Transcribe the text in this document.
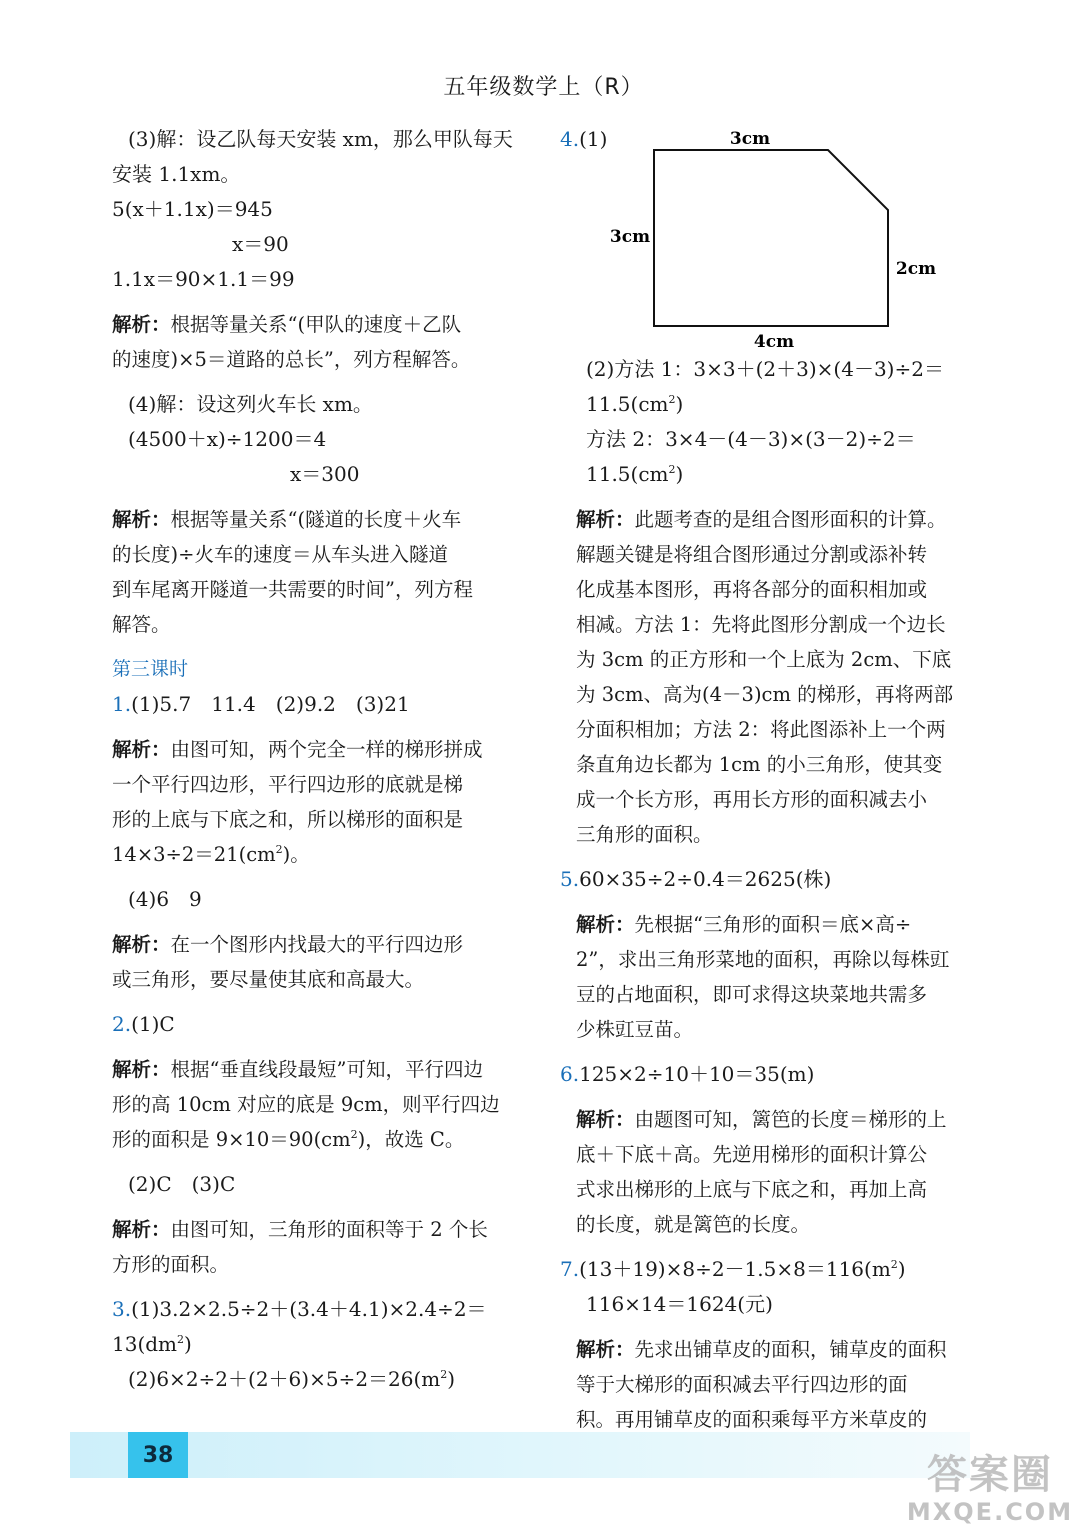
五年级数学上（R）
(3)解：设乙队每天安装 xm，那么甲队每天
安装 1.1xm。
5(x＋1.1x)＝945
x＝90
1.1x＝90×1.1＝99
解析：根据等量关系“(甲队的速度＋乙队
的速度)×5＝道路的总长”，列方程解答。
(4)解：设这列火车长 xm。
(4500＋x)÷1200＝4
x＝300
解析：根据等量关系“(隧道的长度＋火车
的长度)÷火车的速度＝从车头进入隧道
到车尾离开隧道一共需要的时间”，列方程
解答。
第三课时
1.(1)5.7　11.4　(2)9.2　(3)21
解析：由图可知，两个完全一样的梯形拼成
一个平行四边形，平行四边形的底就是梯
形的上底与下底之和，所以梯形的面积是
$14\times 3\div 2=21(cm^2)$。
(4)6　9
解析：在一个图形内找最大的平行四边形
或三角形，要尽量使其底和高最大。
2.(1)C
解析：根据“垂直线段最短”可知，平行四边
形的高 10cm 对应的底是 9cm，则平行四边
形的面积是 $9\times 10=90(cm^2)$，故选 C。
(2)C　(3)C
解析：由图可知，三角形的面积等于 2 个长
方形的面积。
3.(1)3.2×2.5÷2＋(3.4＋4.1)×2.4÷2＝
$13(dm^2)$
$(2)6\times 2\div 2+(2+6)\times 5\div 2=26(m^2)$
4.(1)	3cm
3cm
2cm
4cm
(2)方法 1：3×3＋(2＋3)×(4－3)÷2＝
$11.5(cm^2)$
方法 2：3×4－(4－3)×(3－2)÷2＝
$11.5(cm^2)$
解析：此题考查的是组合图形面积的计算。
解题关键是将组合图形通过分割或添补转
化成基本图形，再将各部分的面积相加或
相减。方法 1：先将此图形分割成一个边长
为 3cm 的正方形和一个上底为 2cm、下底
为 3cm、高为(4－3)cm 的梯形，再将两部
分面积相加；方法 2：将此图添补上一个两
条直角边长都为 1cm 的小三角形，使其变
成一个长方形，再用长方形的面积减去小
三角形的面积。
5.60×35÷2÷0.4＝2625(株)
解析：先根据“三角形的面积＝底×高÷
2”，求出三角形菜地的面积，再除以每株豇
豆的占地面积，即可求得这块菜地共需多
少株豇豆苗。
6.125×2÷10＋10＝35(m)
解析：由题图可知，篱笆的长度＝梯形的上
底＋下底＋高。先逆用梯形的面积计算公
式求出梯形的上底与下底之和，再加上高
的长度，就是篱笆的长度。
$7.(13+19)\times 8\div 2-1.5\times 8=116(m^2)$
116×14＝1624(元)
解析：先求出铺草皮的面积，铺草皮的面积
等于大梯形的面积减去平行四边形的面
积。再用铺草皮的面积乘每平方米草皮的
38	答案圈
MXQE.COM
